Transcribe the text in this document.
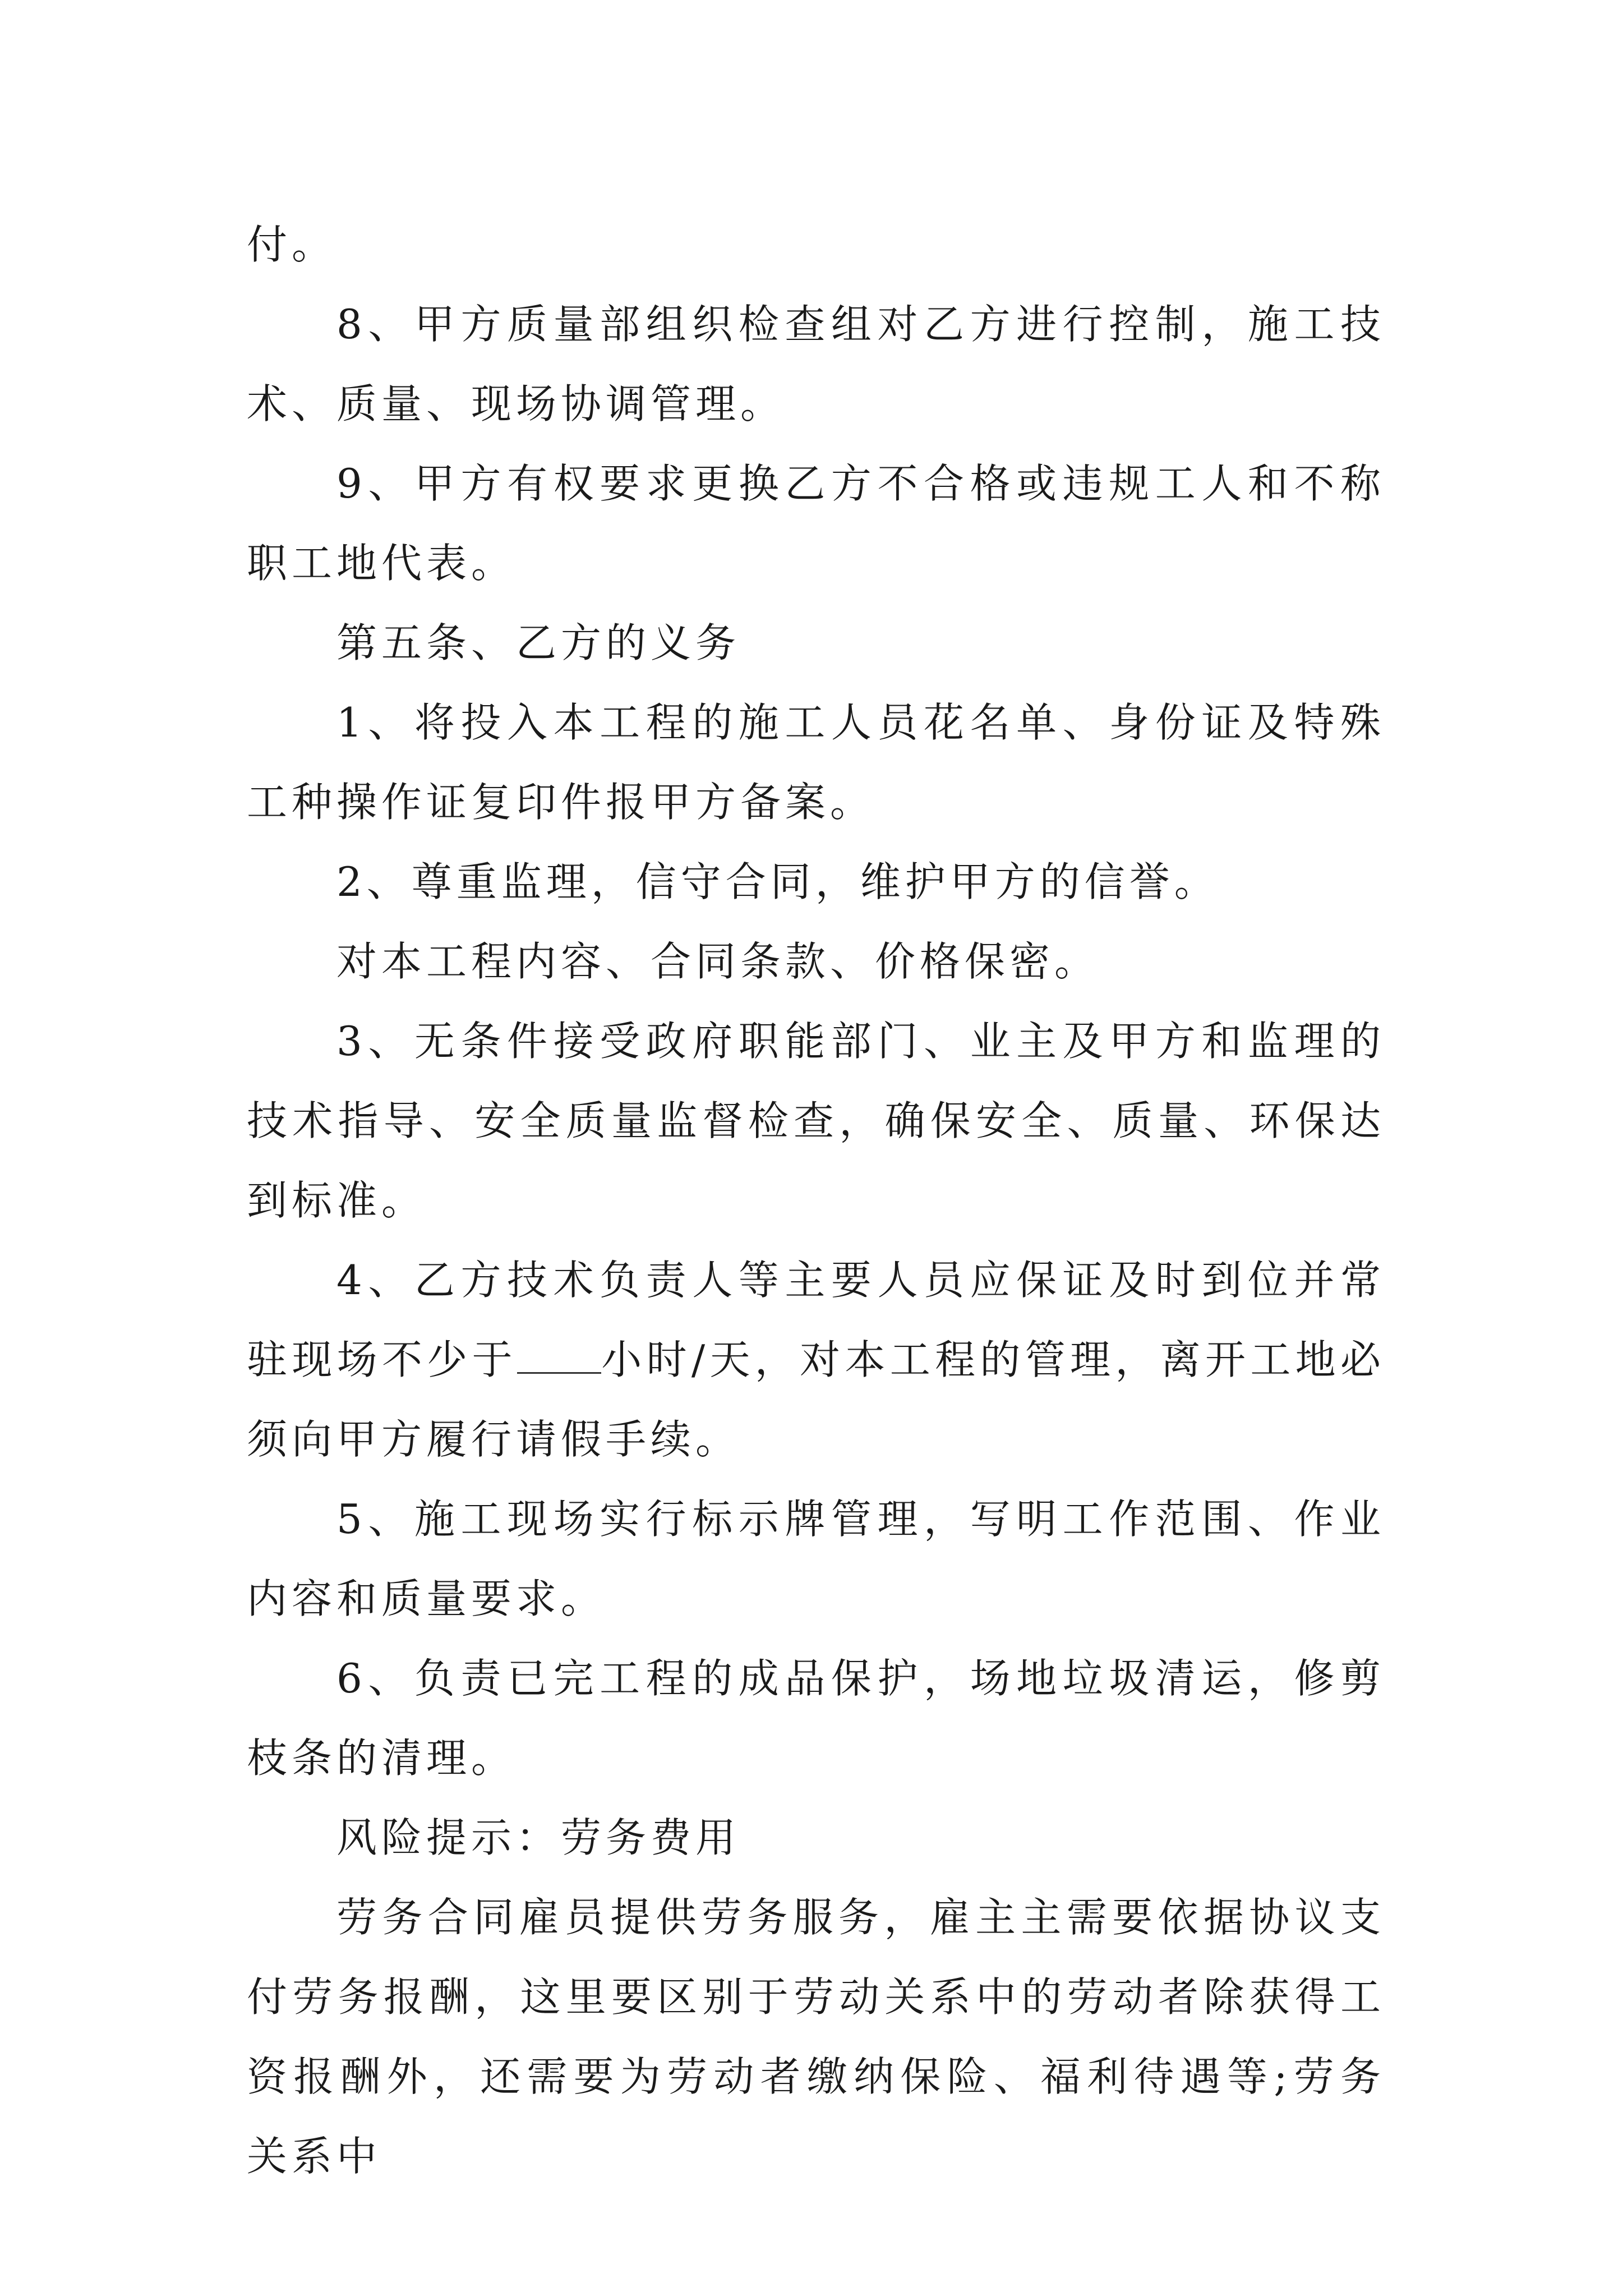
付。

8、甲方质量部组织检查组对乙方进行控制，施工技术、质量、现场协调管理。

9、甲方有权要求更换乙方不合格或违规工人和不称职工地代表。

第五条、乙方的义务

1、将投入本工程的施工人员花名单、身份证及特殊工种操作证复印件报甲方备案。

2、尊重监理，信守合同，维护甲方的信誉。

对本工程内容、合同条款、价格保密。

3、无条件接受政府职能部门、业主及甲方和监理的技术指导、安全质量监督检查，确保安全、质量、环保达到标准。

4、乙方技术负责人等主要人员应保证及时到位并常驻现场不少于 小时/天，对本工程的管理，离开工地必须向甲方履行请假手续。

5、施工现场实行标示牌管理，写明工作范围、作业内容和质量要求。

6、负责已完工程的成品保护，场地垃圾清运，修剪枝条的清理。

风险提示：劳务费用

劳务合同雇员提供劳务服务，雇主主需要依据协议支付劳务报酬，这里要区别于劳动关系中的劳动者除获得工资报酬外，还需要为劳动者缴纳保险、福利待遇等;劳务关系中
